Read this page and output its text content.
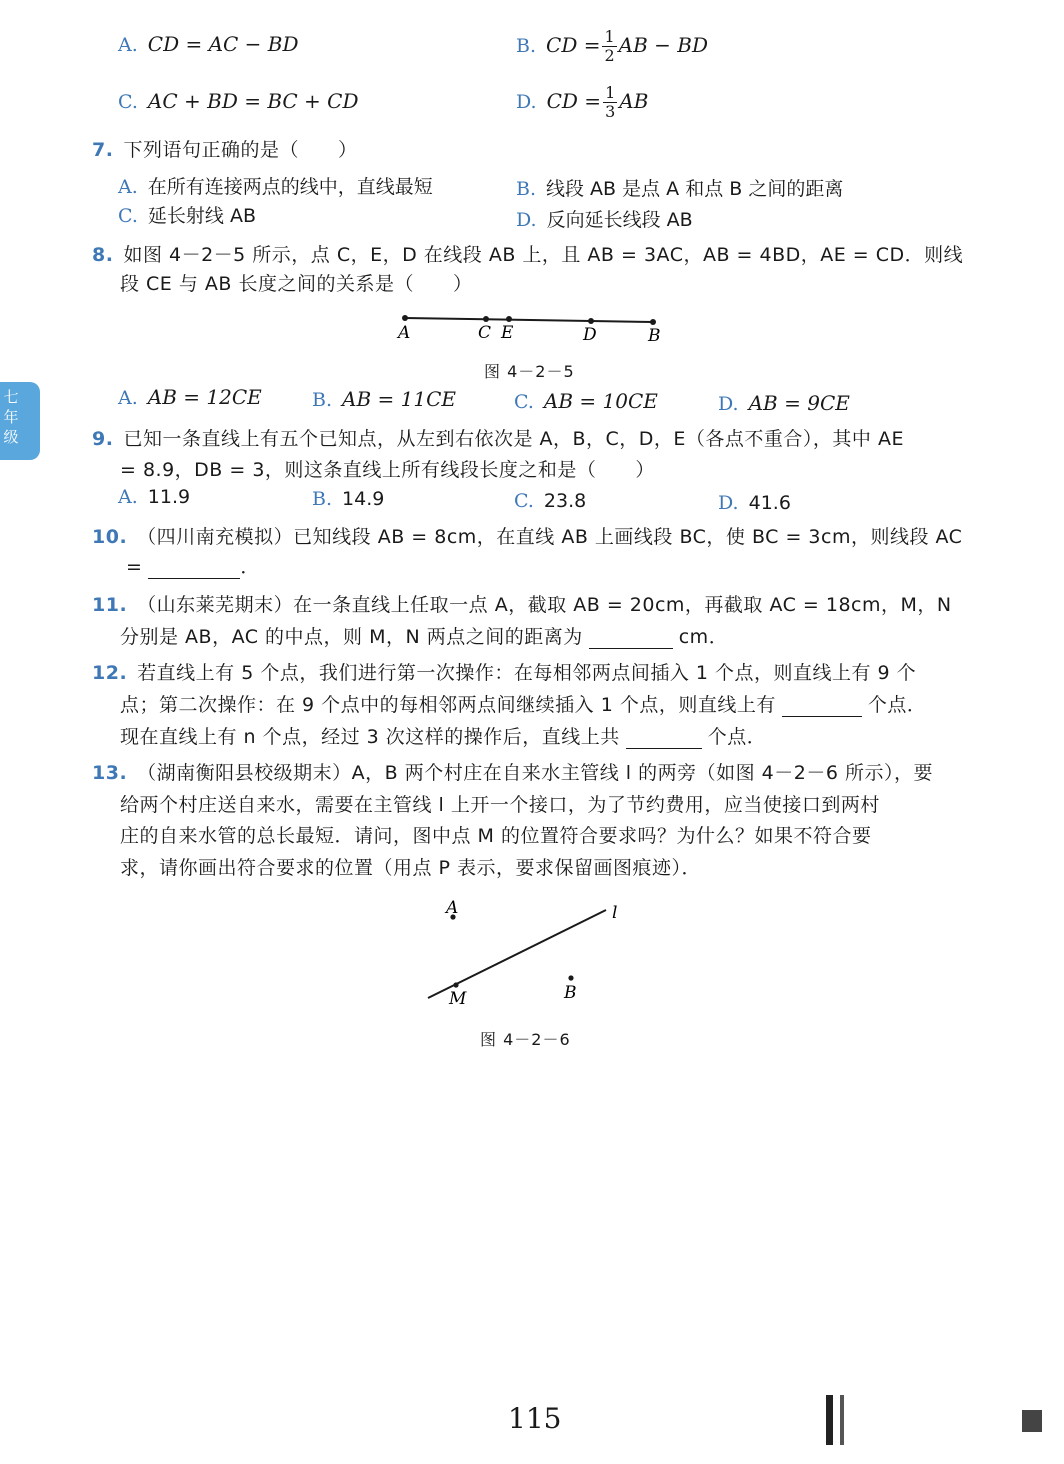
A. CD = AC − BD	B. CD = $\frac{1}{2}$ AB − BD
C. AC + BD = BC + CD	D. CD = $\frac{1}{3}$ AB
7. 下列语句正确的是（　　）
A. 在所有连接两点的线中，直线最短	B. 线段 AB 是点 A 和点 B 之间的距离
C. 延长射线 AB	D. 反向延长线段 AB
8. 如图 4－2－5 所示，点 C，E，D 在线段 AB 上，且 AB = 3AC，AB = 4BD，AE = CD．则线
段 CE 与 AB 长度之间的关系是（　　）
A	C E	D	B
图 4－2－5
A. AB = 12CE	B. AB = 11CE	C. AB = 10CE	D. AB = 9CE
七
年
级	9. 已知一条直线上有五个已知点，从左到右依次是 A，B，C，D，E（各点不重合），其中 AE
= 8.9，DB = 3，则这条直线上所有线段长度之和是（　　）
A. 11.9	B. 14.9	C. 23.8	D. 41.6
10. （四川南充模拟）已知线段 AB = 8cm，在直线 AB 上画线段 BC，使 BC = 3cm，则线段 AC
=	．
11. （山东莱芜期末）在一条直线上任取一点 A，截取 AB = 20cm，再截取 AC = 18cm，M，N
分别是 AB，AC 的中点，则 M，N 两点之间的距离为	cm．
12. 若直线上有 5 个点，我们进行第一次操作：在每相邻两点间插入 1 个点，则直线上有 9 个
点；第二次操作：在 9 个点中的每相邻两点间继续插入 1 个点，则直线上有	个点．
现在直线上有 n 个点，经过 3 次这样的操作后，直线上共	个点．
13. （湖南衡阳县校级期末）A，B 两个村庄在自来水主管线 l 的两旁（如图 4－2－6 所示），要
给两个村庄送自来水，需要在主管线 l 上开一个接口，为了节约费用，应当使接口到两村
庄的自来水管的总长最短．请问，图中点 M 的位置符合要求吗？为什么？如果不符合要
求，请你画出符合要求的位置（用点 P 表示，要求保留画图痕迹）．
A	l
M	B
图 4－2－6
115
